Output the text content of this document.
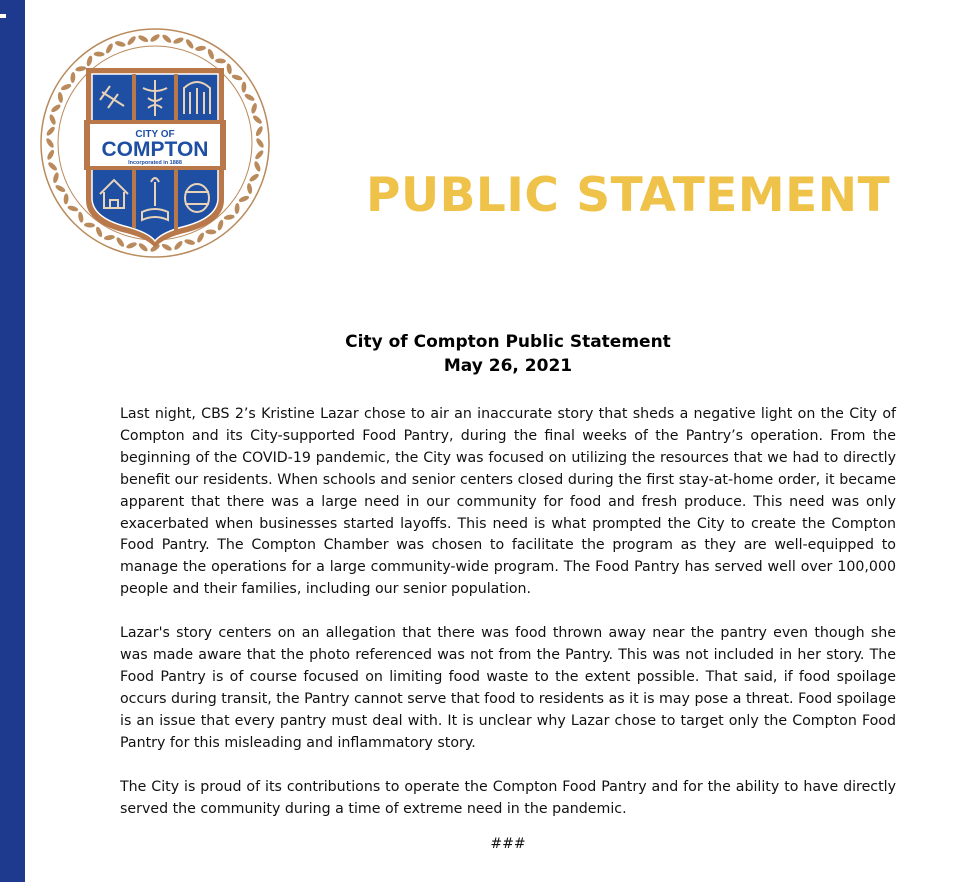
CITY OF
COMPTON
Incorporated in 1888
PUBLIC STATEMENT
City of Compton Public Statement
May 26, 2021

Last night, CBS 2’s Kristine Lazar chose to air an inaccurate story that sheds a negative light on the City of Compton and its City-supported Food Pantry, during the final weeks of the Pantry’s operation. From the beginning of the COVID-19 pandemic, the City was focused on utilizing the resources that we had to directly benefit our residents. When schools and senior centers closed during the first stay-at-home order, it became apparent that there was a large need in our community for food and fresh produce. This need was only exacerbated when businesses started layoffs. This need is what prompted the City to create the Compton Food Pantry. The Compton Chamber was chosen to facilitate the program as they are well-equipped to manage the operations for a large community-wide program. The Food Pantry has served well over 100,000 people and their families, including our senior population.

Lazar's story centers on an allegation that there was food thrown away near the pantry even though she was made aware that the photo referenced was not from the Pantry. This was not included in her story. The Food Pantry is of course focused on limiting food waste to the extent possible. That said, if food spoilage occurs during transit, the Pantry cannot serve that food to residents as it is may pose a threat. Food spoilage is an issue that every pantry must deal with. It is unclear why Lazar chose to target only the Compton Food Pantry for this misleading and inflammatory story.

The City is proud of its contributions to operate the Compton Food Pantry and for the ability to have directly served the community during a time of extreme need in the pandemic.

###
